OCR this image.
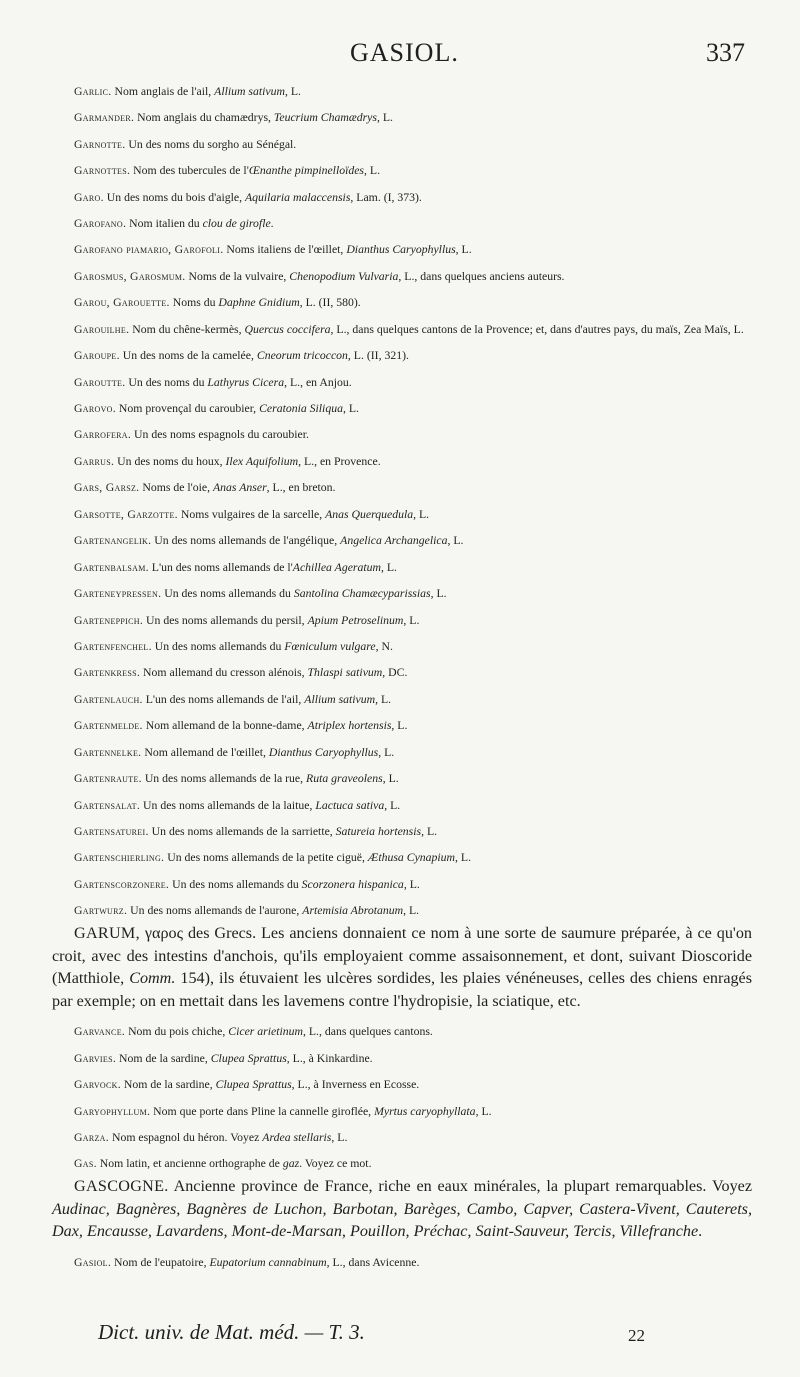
GASIOL.	337

Garlic. Nom anglais de l'ail, Allium sativum, L.

Garmander. Nom anglais du chamædrys, Teucrium Chamædrys, L.

Garnotte. Un des noms du sorgho au Sénégal.

Garnottes. Nom des tubercules de l'Œnanthe pimpinelloïdes, L.

Garo. Un des noms du bois d'aigle, Aquilaria malaccensis, Lam. (I, 373).

Garofano. Nom italien du clou de girofle.

Garofano piamario, Garofoli. Noms italiens de l'œillet, Dianthus Caryophyllus, L.

Garosmus, Garosmum. Noms de la vulvaire, Chenopodium Vulvaria, L., dans quelques anciens auteurs.

Garou, Garouette. Noms du Daphne Gnidium, L. (II, 580).

Garouilhe. Nom du chêne-kermès, Quercus coccifera, L., dans quelques cantons de la Provence; et, dans d'autres pays, du maïs, Zea Maïs, L.

Garoupe. Un des noms de la camelée, Cneorum tricoccon, L. (II, 321).

Garoutte. Un des noms du Lathyrus Cicera, L., en Anjou.

Garovo. Nom provençal du caroubier, Ceratonia Siliqua, L.

Garrofera. Un des noms espagnols du caroubier.

Garrus. Un des noms du houx, Ilex Aquifolium, L., en Provence.

Gars, Garsz. Noms de l'oie, Anas Anser, L., en breton.

Garsotte, Garzotte. Noms vulgaires de la sarcelle, Anas Querquedula, L.

Gartenangelik. Un des noms allemands de l'angélique, Angelica Archangelica, L.

Gartenbalsam. L'un des noms allemands de l'Achillea Ageratum, L.

Garteneypressen. Un des noms allemands du Santolina Chamæcyparissias, L.

Garteneppich. Un des noms allemands du persil, Apium Petroselinum, L.

Gartenfenchel. Un des noms allemands du Fœniculum vulgare, N.

Gartenkress. Nom allemand du cresson alénois, Thlaspi sativum, DC.

Gartenlauch. L'un des noms allemands de l'ail, Allium sativum, L.

Gartenmelde. Nom allemand de la bonne-dame, Atriplex hortensis, L.

Gartennelke. Nom allemand de l'œillet, Dianthus Caryophyllus, L.

Gartenraute. Un des noms allemands de la rue, Ruta graveolens, L.

Gartensalat. Un des noms allemands de la laitue, Lactuca sativa, L.

Gartensaturei. Un des noms allemands de la sarriette, Satureia hortensis, L.

Gartenschierling. Un des noms allemands de la petite ciguë, Æthusa Cynapium, L.

Gartenscorzonere. Un des noms allemands du Scorzonera hispanica, L.

Gartwurz. Un des noms allemands de l'aurone, Artemisia Abrotanum, L.

GARUM, γαρος des Grecs. Les anciens donnaient ce nom à une sorte de saumure préparée, à ce qu'on croit, avec des intestins d'anchois, qu'ils employaient comme assaisonnement, et dont, suivant Dioscoride (Matthiole, Comm. 154), ils étuvaient les ulcères sordides, les plaies vénéneuses, celles des chiens enragés par exemple; on en mettait dans les lavemens contre l'hydropisie, la sciatique, etc.

Garvance. Nom du pois chiche, Cicer arietinum, L., dans quelques cantons.

Garvies. Nom de la sardine, Clupea Sprattus, L., à Kinkardine.

Garvock. Nom de la sardine, Clupea Sprattus, L., à Inverness en Ecosse.

Garyophyllum. Nom que porte dans Pline la cannelle giroflée, Myrtus caryophyllata, L.

Garza. Nom espagnol du héron. Voyez Ardea stellaris, L.

Gas. Nom latin, et ancienne orthographe de gaz. Voyez ce mot.

GASCOGNE. Ancienne province de France, riche en eaux minérales, la plupart remarquables. Voyez Audinac, Bagnères, Bagnères de Luchon, Barbotan, Barèges, Cambo, Capver, Castera-Vivent, Cauterets, Dax, Encausse, Lavardens, Mont-de-Marsan, Pouillon, Préchac, Saint-Sauveur, Tercis, Villefranche.

Gasiol. Nom de l'eupatoire, Eupatorium cannabinum, L., dans Avicenne.

Dict. univ. de Mat. méd. — T. 3.	22
